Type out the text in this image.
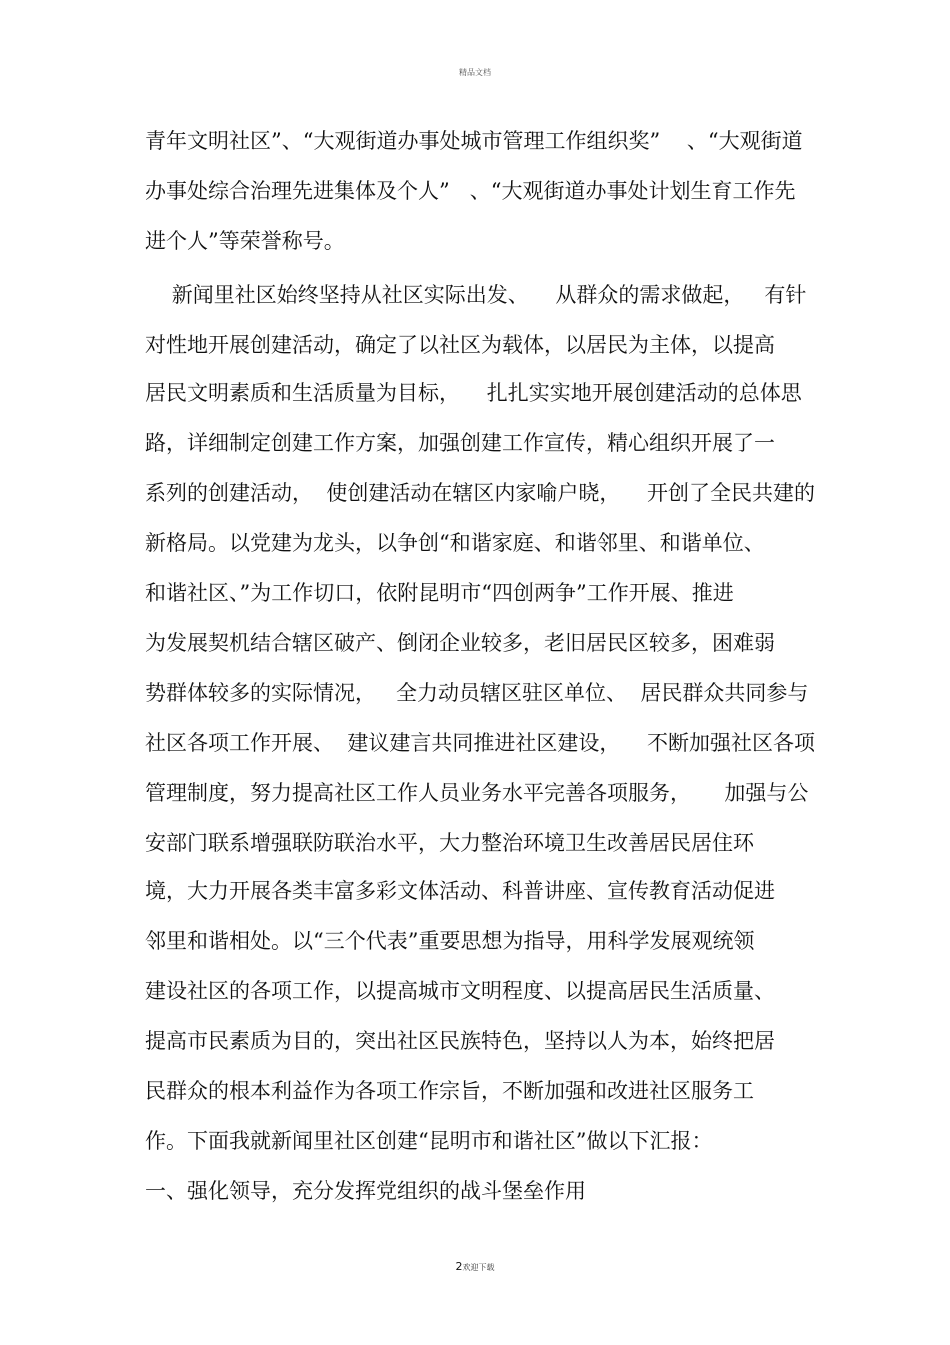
精品文档

青年文明社区”、“大观街道办事处城市管理工作组织奖”    、“大观街道

办事处综合治理先进集体及个人”   、“大观街道办事处计划生育工作先

进个人”等荣誉称号。

新闻里社区始终坚持从社区实际出发、    从群众的需求做起，   有针

对性地开展创建活动，确定了以社区为载体，以居民为主体，以提高

居民文明素质和生活质量为目标，    扎扎实实地开展创建活动的总体思

路，详细制定创建工作方案，加强创建工作宣传，精心组织开展了一

系列的创建活动，  使创建活动在辖区内家喻户晓，    开创了全民共建的

新格局。以党建为龙头，以争创“和谐家庭、和谐邻里、和谐单位、

和谐社区、”为工作切口，依附昆明市“四创两争”工作开展、推进

为发展契机结合辖区破产、倒闭企业较多，老旧居民区较多，困难弱

势群体较多的实际情况，   全力动员辖区驻区单位、  居民群众共同参与

社区各项工作开展、  建议建言共同推进社区建设，    不断加强社区各项

管理制度，努力提高社区工作人员业务水平完善各项服务，     加强与公

安部门联系增强联防联治水平，大力整治环境卫生改善居民居住环

境，大力开展各类丰富多彩文体活动、科普讲座、宣传教育活动促进

邻里和谐相处。以“三个代表”重要思想为指导，用科学发展观统领

建设社区的各项工作，以提高城市文明程度、以提高居民生活质量、

提高市民素质为目的，突出社区民族特色，坚持以人为本，始终把居

民群众的根本利益作为各项工作宗旨，不断加强和改进社区服务工

作。下面我就新闻里社区创建“昆明市和谐社区”做以下汇报：

一、强化领导，充分发挥党组织的战斗堡垒作用

2欢迎下载
